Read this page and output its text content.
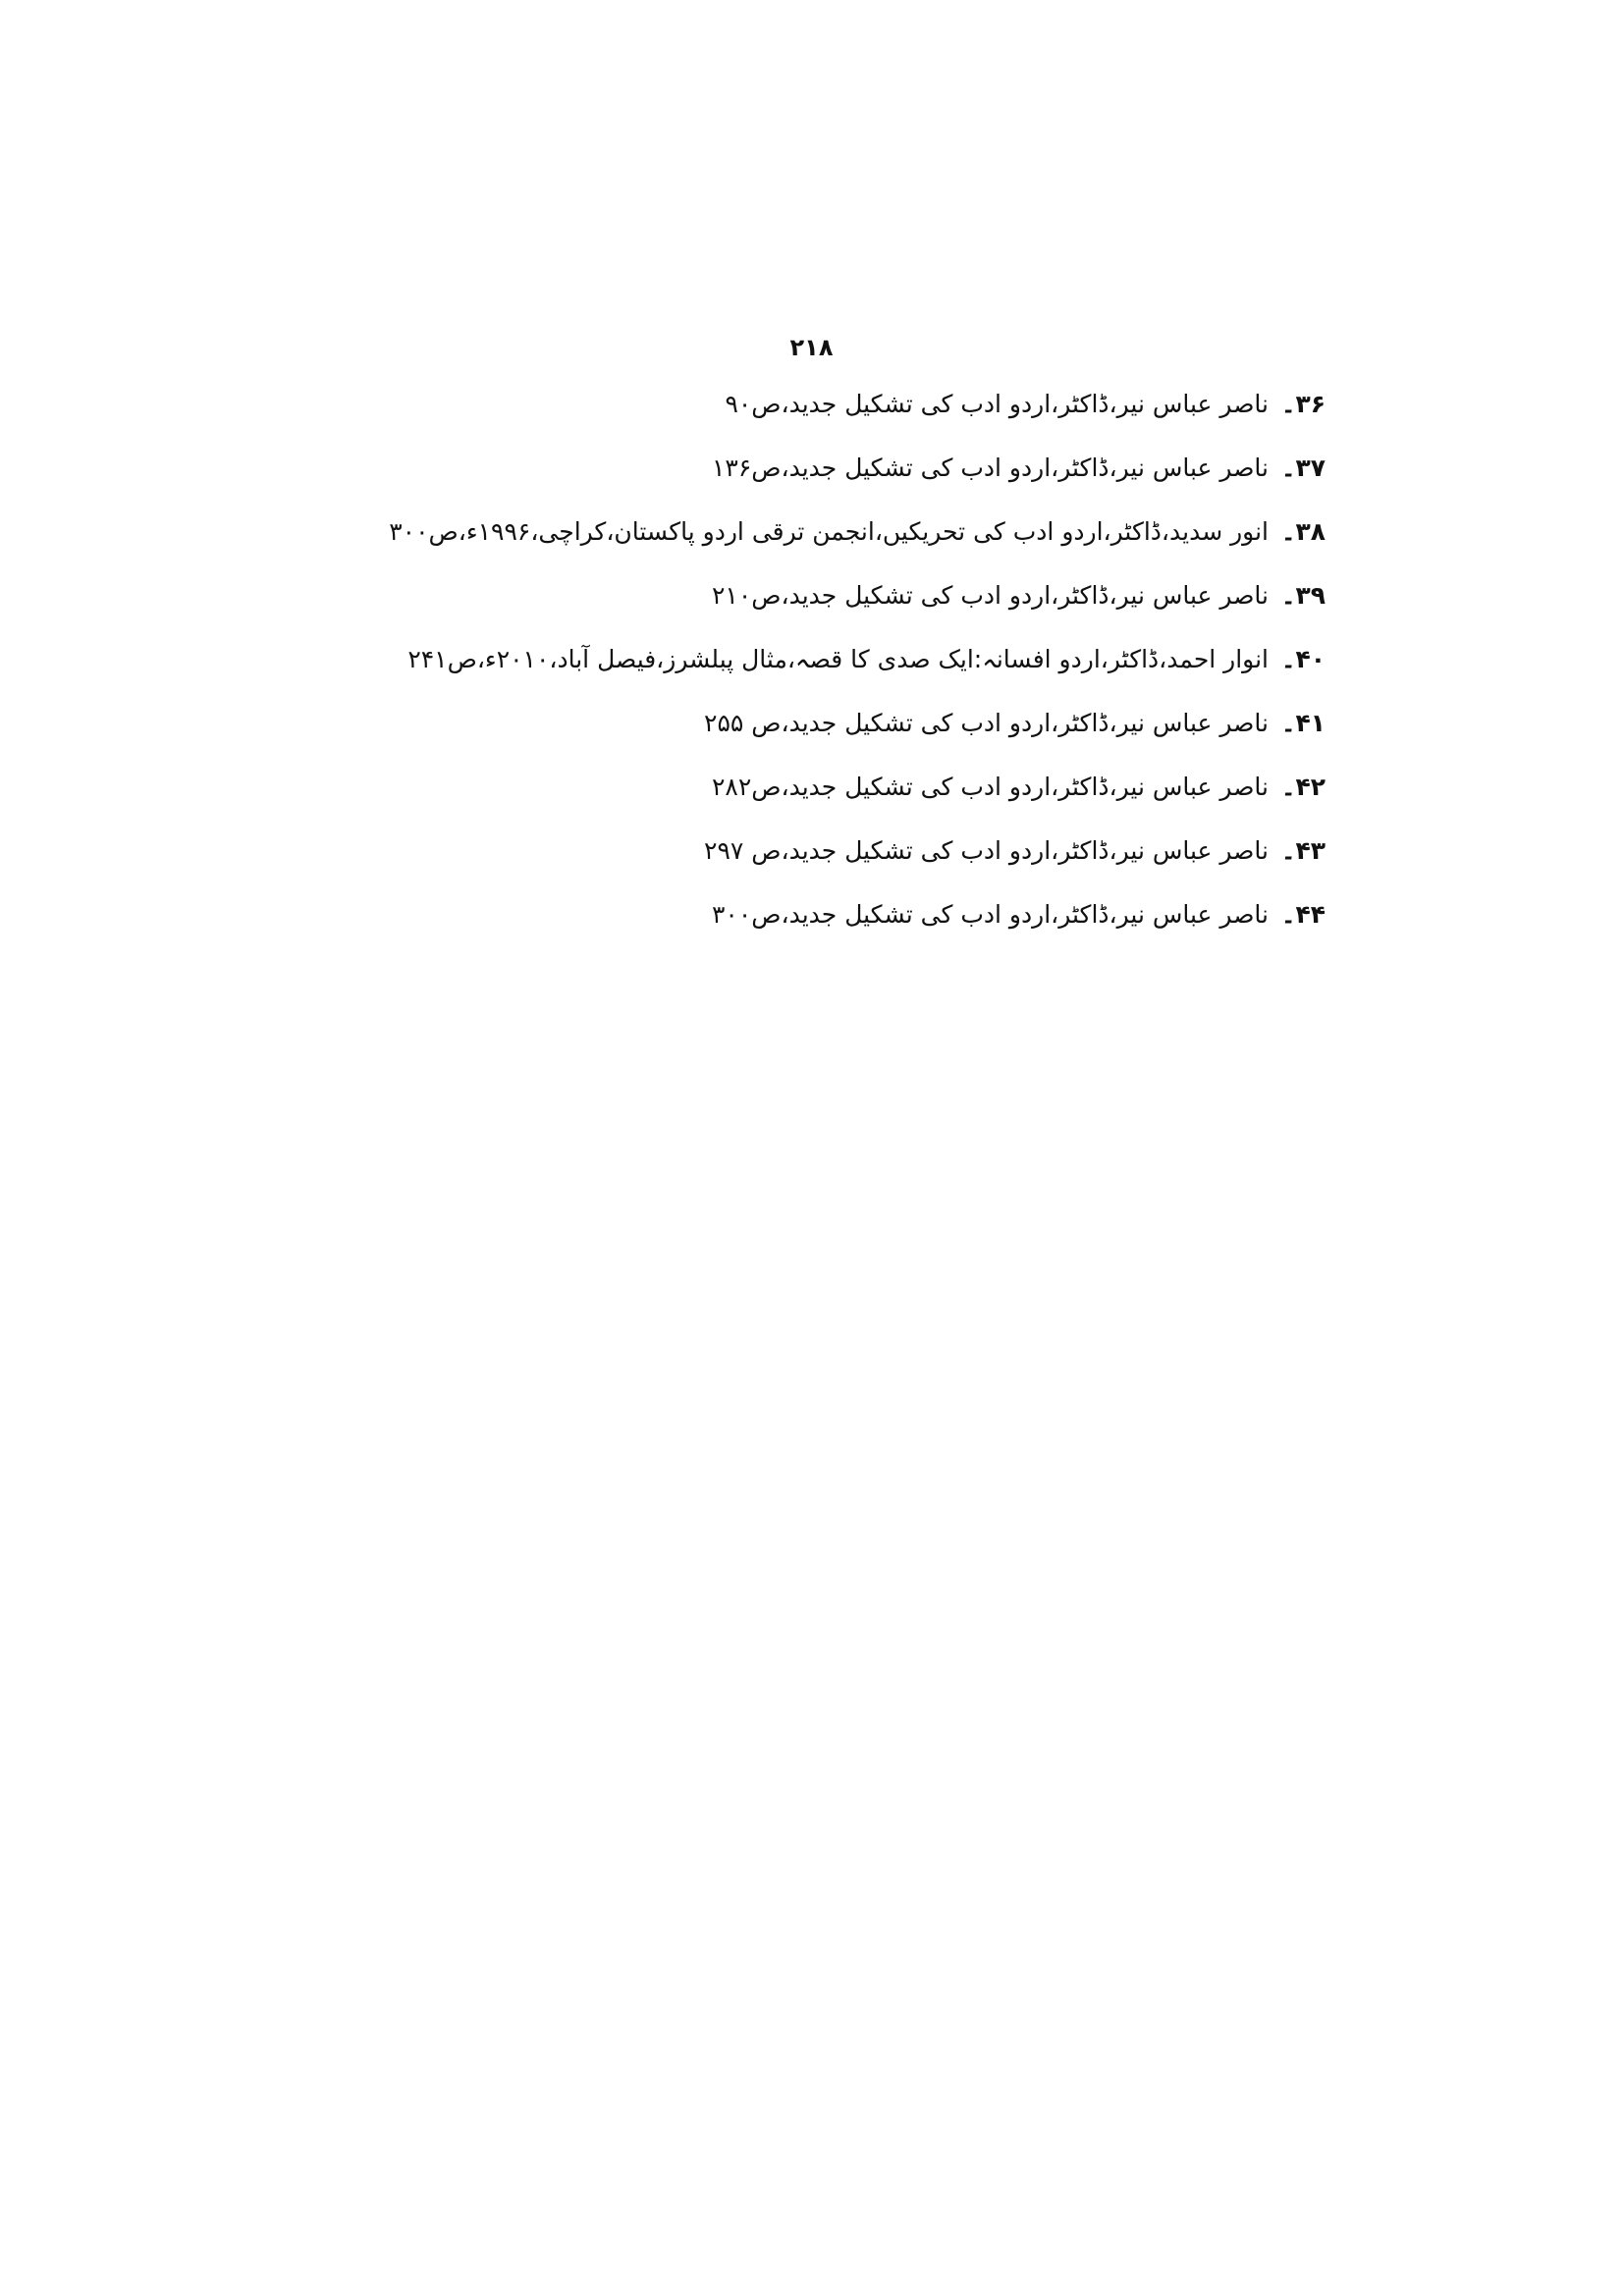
۲۱۸
۳۶۔
ناصر عباس نیر،ڈاکٹر،اردو ادب کی تشکیل جدید،ص۹۰
۳۷۔
ناصر عباس نیر،ڈاکٹر،اردو ادب کی تشکیل جدید،ص۱۳۶
۳۸۔
انور سدید،ڈاکٹر،اردو ادب کی تحریکیں،انجمن ترقی اردو پاکستان،کراچی،۱۹۹۶ء،ص۳۰۰
۳۹۔
ناصر عباس نیر،ڈاکٹر،اردو ادب کی تشکیل جدید،ص۲۱۰
۴۰۔
انوار احمد،ڈاکٹر،اردو افسانہ:ایک صدی کا قصہ،مثال پبلشرز،فیصل آباد،۲۰۱۰ء،ص۲۴۱
۴۱۔
ناصر عباس نیر،ڈاکٹر،اردو ادب کی تشکیل جدید،ص ۲۵۵
۴۲۔
ناصر عباس نیر،ڈاکٹر،اردو ادب کی تشکیل جدید،ص۲۸۲
۴۳۔
ناصر عباس نیر،ڈاکٹر،اردو ادب کی تشکیل جدید،ص ۲۹۷
۴۴۔
ناصر عباس نیر،ڈاکٹر،اردو ادب کی تشکیل جدید،ص۳۰۰
